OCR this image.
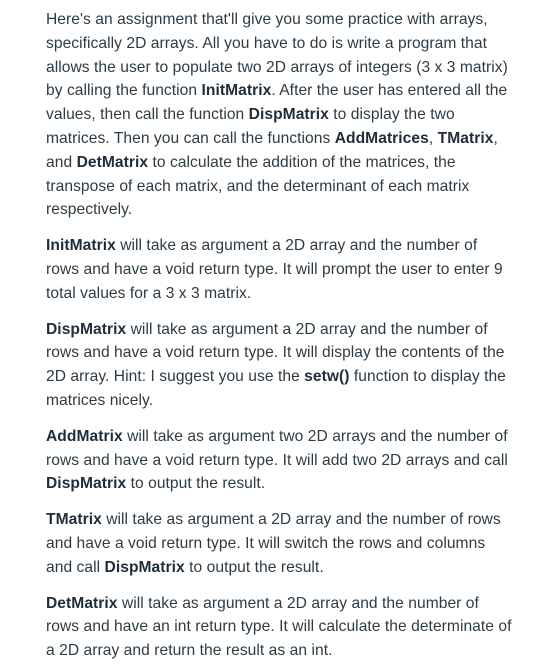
Here's an assignment that'll give you some practice with arrays, specifically 2D arrays. All you have to do is write a program that allows the user to populate two 2D arrays of integers (3 x 3 matrix) by calling the function InitMatrix. After the user has entered all the values, then call the function DispMatrix to display the two matrices. Then you can call the functions AddMatrices, TMatrix, and DetMatrix to calculate the addition of the matrices, the transpose of each matrix, and the determinant of each matrix respectively.

InitMatrix will take as argument a 2D array and the number of rows and have a void return type. It will prompt the user to enter 9 total values for a 3 x 3 matrix.

DispMatrix will take as argument a 2D array and the number of rows and have a void return type. It will display the contents of the 2D array. Hint: I suggest you use the setw() function to display the matrices nicely.

AddMatrix will take as argument two 2D arrays and the number of rows and have a void return type. It will add two 2D arrays and call DispMatrix to output the result.

TMatrix will take as argument a 2D array and the number of rows and have a void return type. It will switch the rows and columns and call DispMatrix to output the result.

DetMatrix will take as argument a 2D array and the number of rows and have an int return type. It will calculate the determinate of a 2D array and return the result as an int.
